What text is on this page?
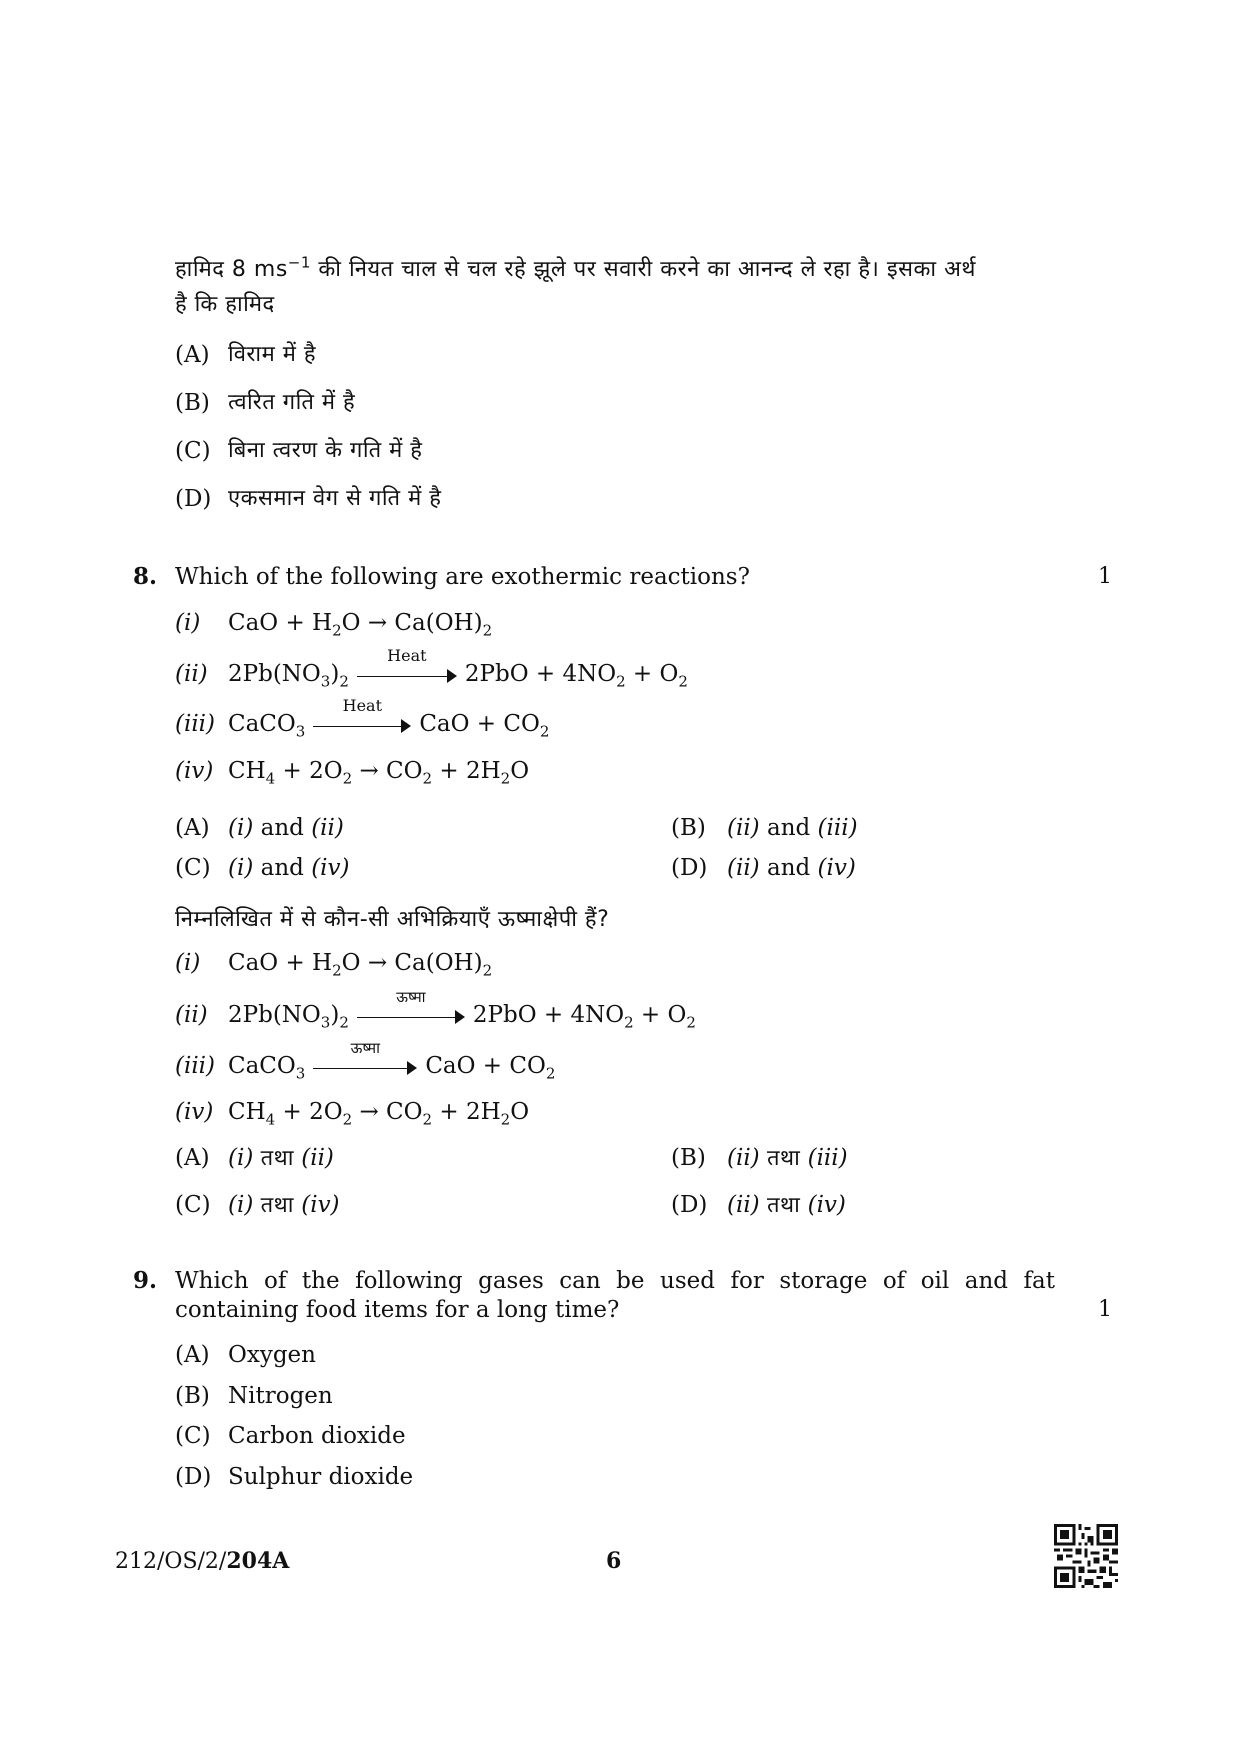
हामिद 8 $ms^{-1}$ की नियत चाल से चल रहे झूले पर सवारी करने का आनन्द ले रहा है। इसका अर्थ
है कि हामिद
(A) विराम में है
(B) त्वरित गति में है
(C) बिना त्वरण के गति में है
(D) एकसमान वेग से गति में है
8. Which of the following are exothermic reactions?	1
(i) CaO + $H_2O \to Ca(OH)_2$
(ii) $2Pb(NO_3)_2$
Heat
$2PbO + 4NO_2 + O_2$
(iii) CaCO$_3$
Heat
CaO + $CO_2$
(iv) $CH_4 + 2O_2 \to CO_2 + 2H_2O$
(A) (i) and (ii)	(B) (ii) and (iii)
(C) (i) and (iv)	(D) (ii) and (iv)
निम्नलिखित में से कौन-सी अभिक्रियाएँ ऊष्माक्षेपी हैं?
(i) CaO + $H_2O \to Ca(OH)_2$
(ii) $2Pb(NO_3)_2$
ऊष्मा
$2PbO + 4NO_2 + O_2$
(iii) CaCO$_3$
ऊष्मा
CaO + $CO_2$
(iv) $CH_4 + 2O_2 \to CO_2 + 2H_2O$
(A) (i) तथा (ii)	(B) (ii) तथा (iii)
(C) (i) तथा (iv)	(D) (ii) तथा (iv)
9. Which of the following gases can be used for storage of oil and fat
containing food items for a long time?	1
(A) Oxygen
(B) Nitrogen
(C) Carbon dioxide
(D) Sulphur dioxide
212/OS/2/204A	6
